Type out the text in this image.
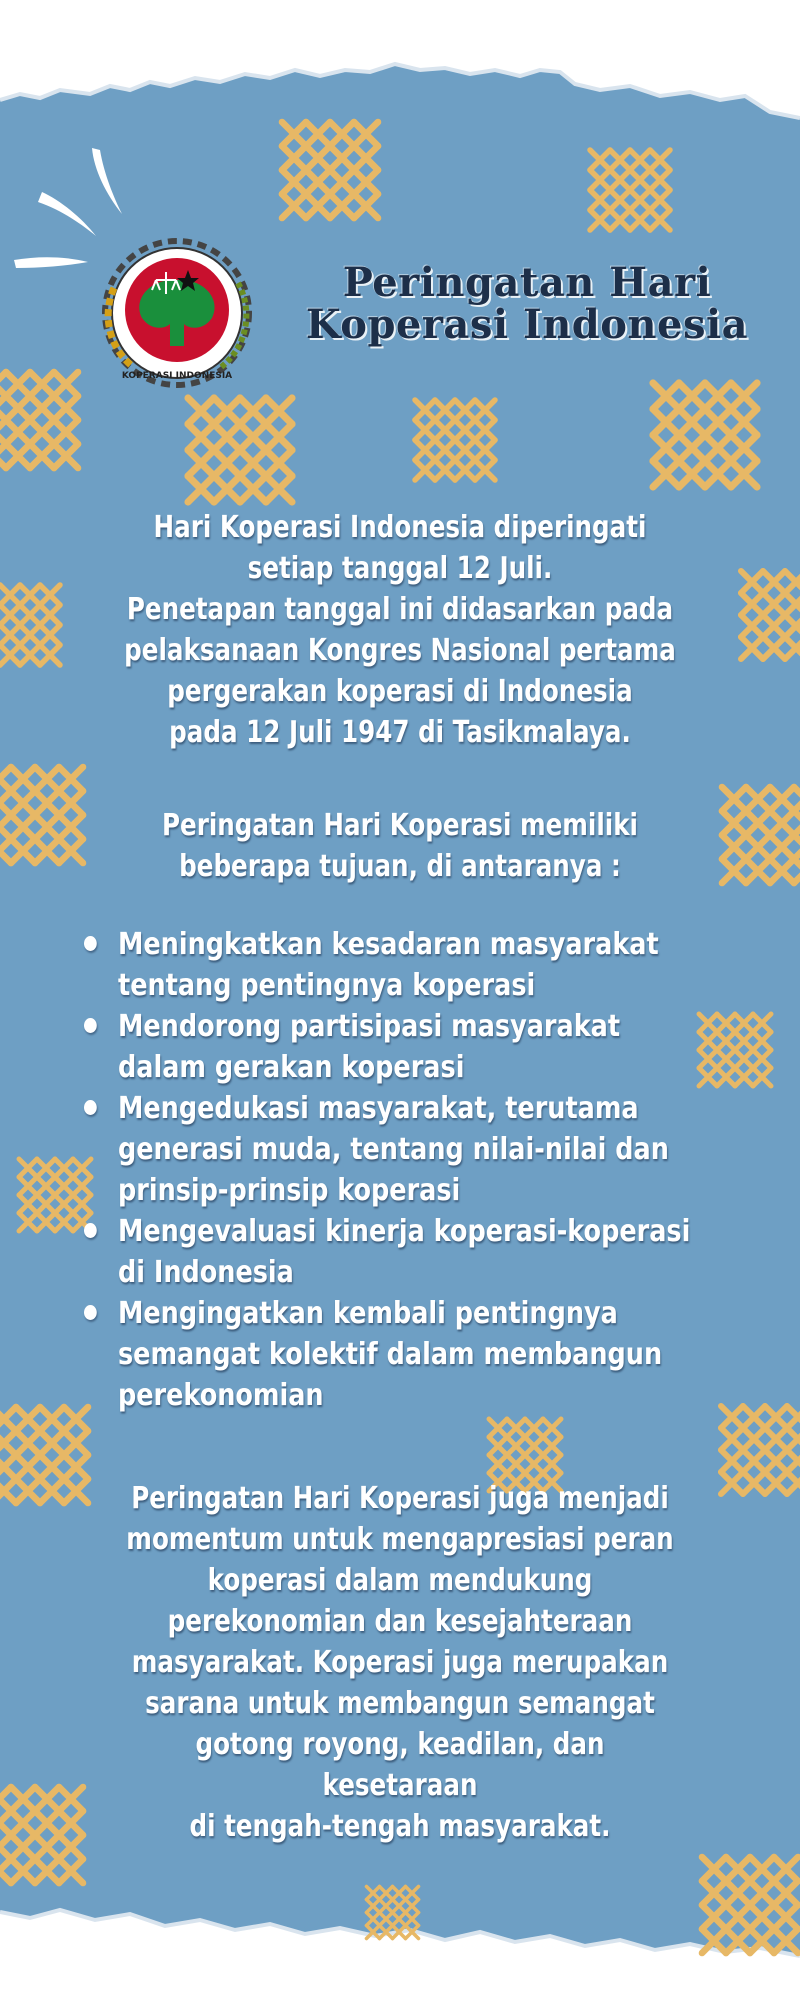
KOPERASI INDONESIA
Peringatan Hari
Koperasi Indonesia
Hari Koperasi Indonesia diperingati
setiap tanggal 12 Juli.
Penetapan tanggal ini didasarkan pada
pelaksanaan Kongres Nasional pertama
pergerakan koperasi di Indonesia
pada 12 Juli 1947 di Tasikmalaya.
Peringatan Hari Koperasi memiliki
beberapa tujuan, di antaranya :
Meningkatkan kesadaran masyarakat
tentang pentingnya koperasi
Mendorong partisipasi masyarakat
dalam gerakan koperasi
Mengedukasi masyarakat, terutama
generasi muda, tentang nilai-nilai dan
prinsip-prinsip koperasi
Mengevaluasi kinerja koperasi-koperasi
di Indonesia
Mengingatkan kembali pentingnya
semangat kolektif dalam membangun
perekonomian
Peringatan Hari Koperasi juga menjadi
momentum untuk mengapresiasi peran
koperasi dalam mendukung
perekonomian dan kesejahteraan
masyarakat. Koperasi juga merupakan
sarana untuk membangun semangat
gotong royong, keadilan, dan kesetaraan
di tengah-tengah masyarakat.
